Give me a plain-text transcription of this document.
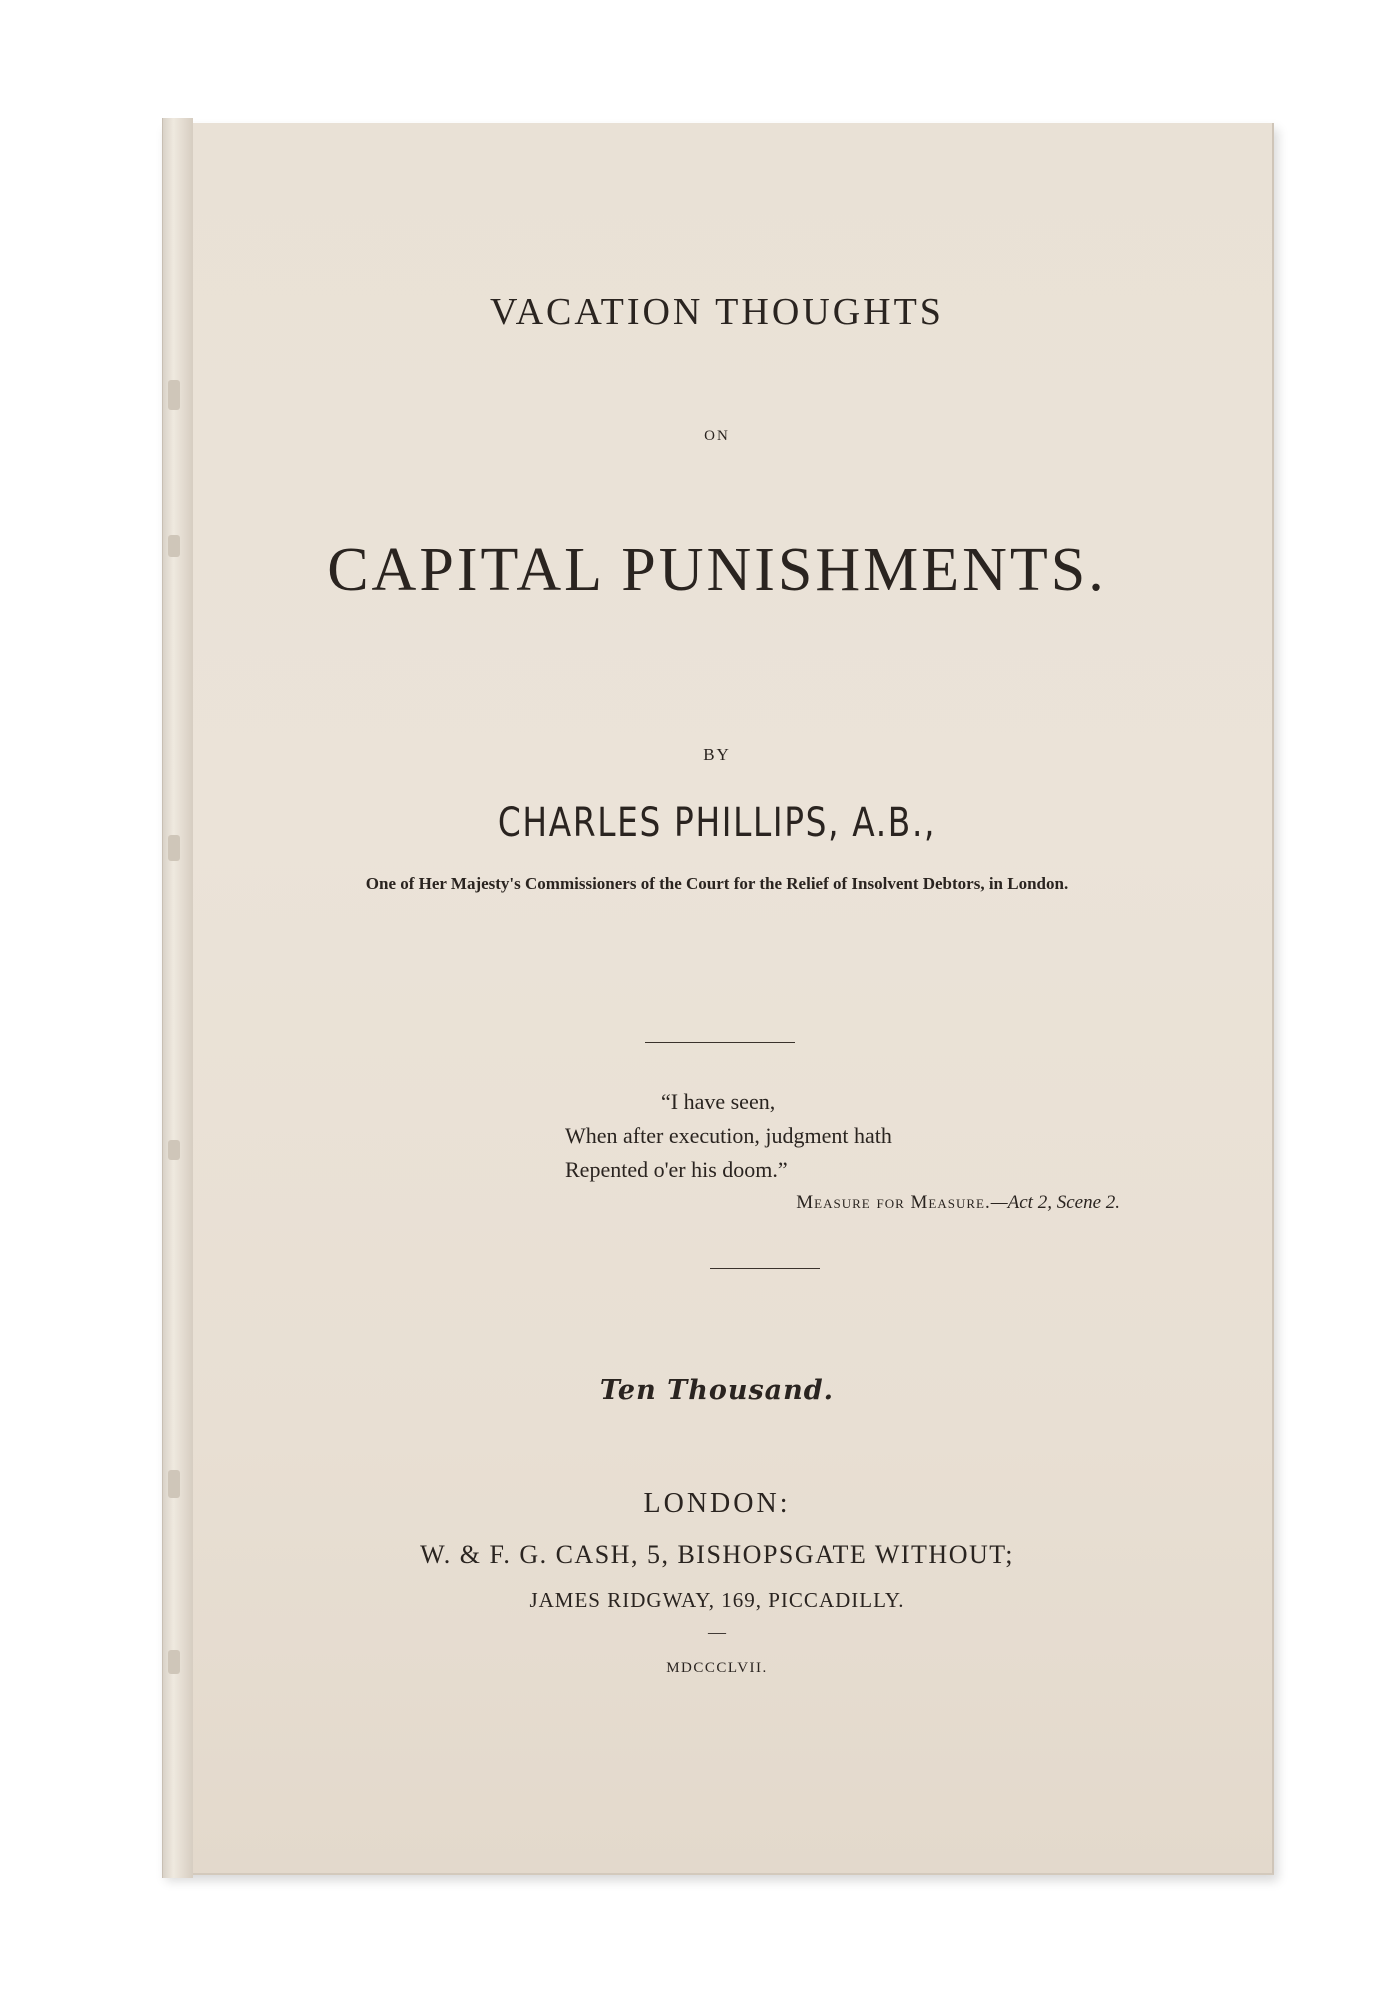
VACATION THOUGHTS
ON
CAPITAL PUNISHMENTS.
BY
CHARLES PHILLIPS, A.B.,
One of Her Majesty's Commissioners of the Court for the Relief of Insolvent Debtors, in London.
“I have seen,
When after execution, judgment hath
Repented o'er his doom.”
Measure for Measure.—Act 2, Scene 2.
Ten Thousand.
LONDON:
W. & F. G. CASH, 5, BISHOPSGATE WITHOUT;
JAMES RIDGWAY, 169, PICCADILLY.
—
MDCCCLVII.
